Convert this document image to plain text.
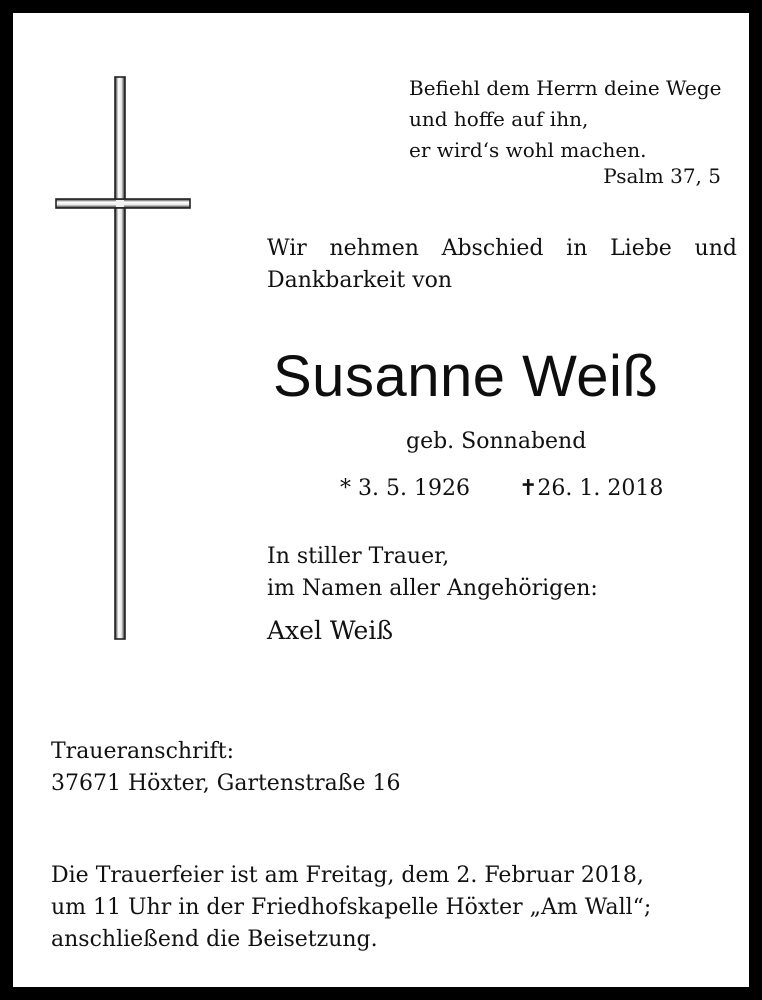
Befiehl dem Herrn deine Wege
und hoffe auf ihn,
er wird‘s wohl machen.
Psalm 37, 5
Wir nehmen Abschied in Liebe und
Dankbarkeit von
Susanne Weiß
geb. Sonnabend
* 3. 5. 1926 ✝26. 1. 2018
In stiller Trauer,
im Namen aller Angehörigen:
Axel Weiß
Traueranschrift:
37671 Höxter, Gartenstraße 16
Die Trauerfeier ist am Freitag, dem 2. Februar 2018,
um 11 Uhr in der Friedhofskapelle Höxter „Am Wall“;
anschließend die Beisetzung.
